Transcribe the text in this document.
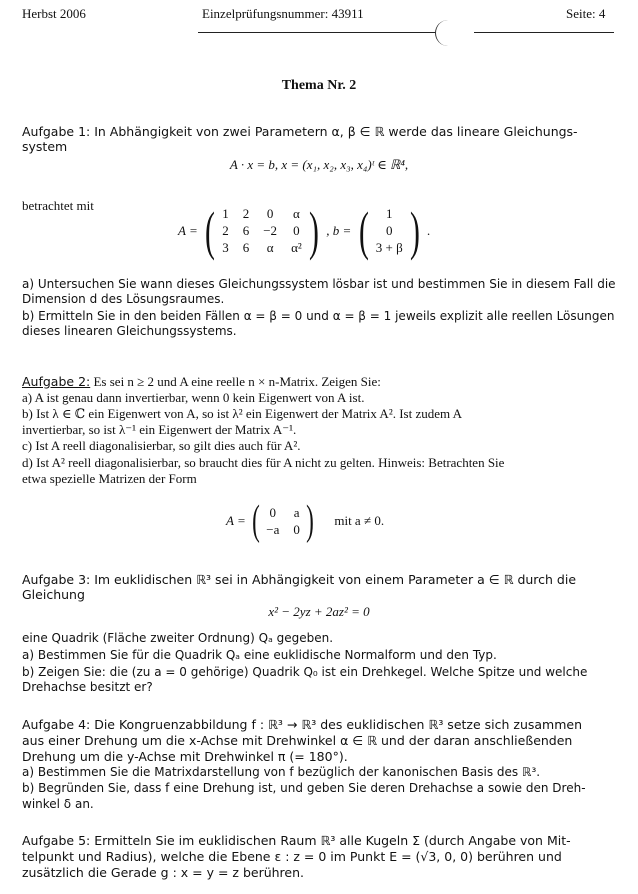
Herbst 2006	Einzelprüfungsnummer: 43911	Seite: 4
Thema Nr. 2
Aufgabe 1: In Abhängigkeit von zwei Parametern α, β ∈ ℝ werde das lineare Gleichungs-
system
A · x = b, x = (x₁, x₂, x₃, x₄)ᵗ ∈ ℝ⁴,
betrachtet mit
A = ( 1 2 0 α
2 6 −2 0
3 6 α α² ) , b = (	1
0
3 + β ) .
a) Untersuchen Sie wann dieses Gleichungssystem lösbar ist und bestimmen Sie in diesem Fall die
Dimension d des Lösungsraumes.
b) Ermitteln Sie in den beiden Fällen α = β = 0 und α = β = 1 jeweils explizit alle reellen Lösungen
dieses linearen Gleichungssystems.
Aufgabe 2: Es sei n ≥ 2 und A eine reelle n × n-Matrix. Zeigen Sie:
a) A ist genau dann invertierbar, wenn 0 kein Eigenwert von A ist.
b) Ist λ ∈ ℂ ein Eigenwert von A, so ist λ² ein Eigenwert der Matrix A². Ist zudem A
invertierbar, so ist λ⁻¹ ein Eigenwert der Matrix A⁻¹.
c) Ist A reell diagonalisierbar, so gilt dies auch für A².
d) Ist A² reell diagonalisierbar, so braucht dies für A nicht zu gelten. Hinweis: Betrachten Sie
etwa spezielle Matrizen der Form
A = ( 0 a
−a 0 ) mit a ≠ 0.
Aufgabe 3: Im euklidischen ℝ³ sei in Abhängigkeit von einem Parameter a ∈ ℝ durch die
Gleichung
x² − 2yz + 2az² = 0
eine Quadrik (Fläche zweiter Ordnung) Qₐ gegeben.
a) Bestimmen Sie für die Quadrik Qₐ eine euklidische Normalform und den Typ.
b) Zeigen Sie: die (zu a = 0 gehörige) Quadrik Q₀ ist ein Drehkegel. Welche Spitze und welche
Drehachse besitzt er?
Aufgabe 4: Die Kongruenzabbildung f : ℝ³ → ℝ³ des euklidischen ℝ³ setze sich zusammen
aus einer Drehung um die x-Achse mit Drehwinkel α ∈ ℝ und der daran anschließenden
Drehung um die y-Achse mit Drehwinkel π (= 180°).
a) Bestimmen Sie die Matrixdarstellung von f bezüglich der kanonischen Basis des ℝ³.
b) Begründen Sie, dass f eine Drehung ist, und geben Sie deren Drehachse a sowie den Dreh-
winkel δ an.
Aufgabe 5: Ermitteln Sie im euklidischen Raum ℝ³ alle Kugeln Σ (durch Angabe von Mit-
telpunkt und Radius), welche die Ebene ε : z = 0 im Punkt E = (√3, 0, 0) berühren und
zusätzlich die Gerade g : x = y = z berühren.
